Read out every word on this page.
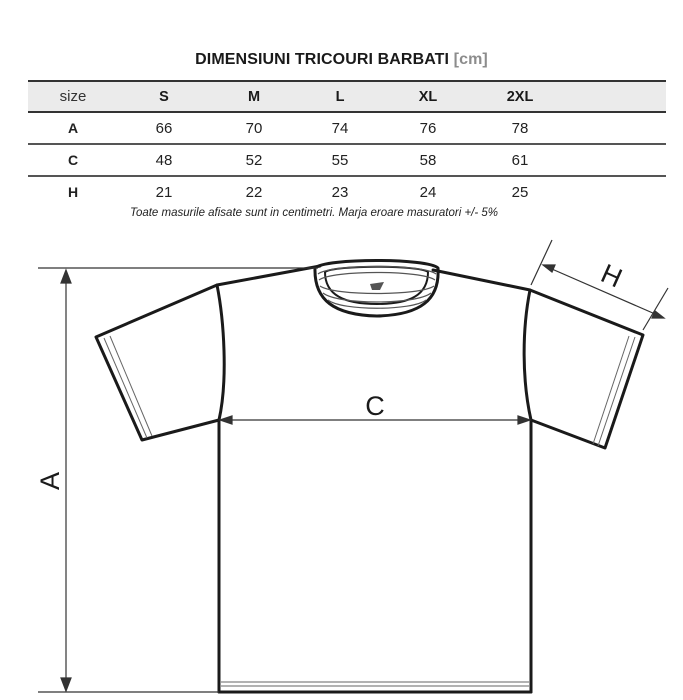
DIMENSIUNI TRICOURI BARBATI [cm]
size	S	M	L	XL	2XL	
A	66	70	74	76	78	
C	48	52	55	58	61	
H	21	22	23	24	25	
Toate masurile afisate sunt in centimetri. Marja eroare masuratori +/- 5%
A
C
H
